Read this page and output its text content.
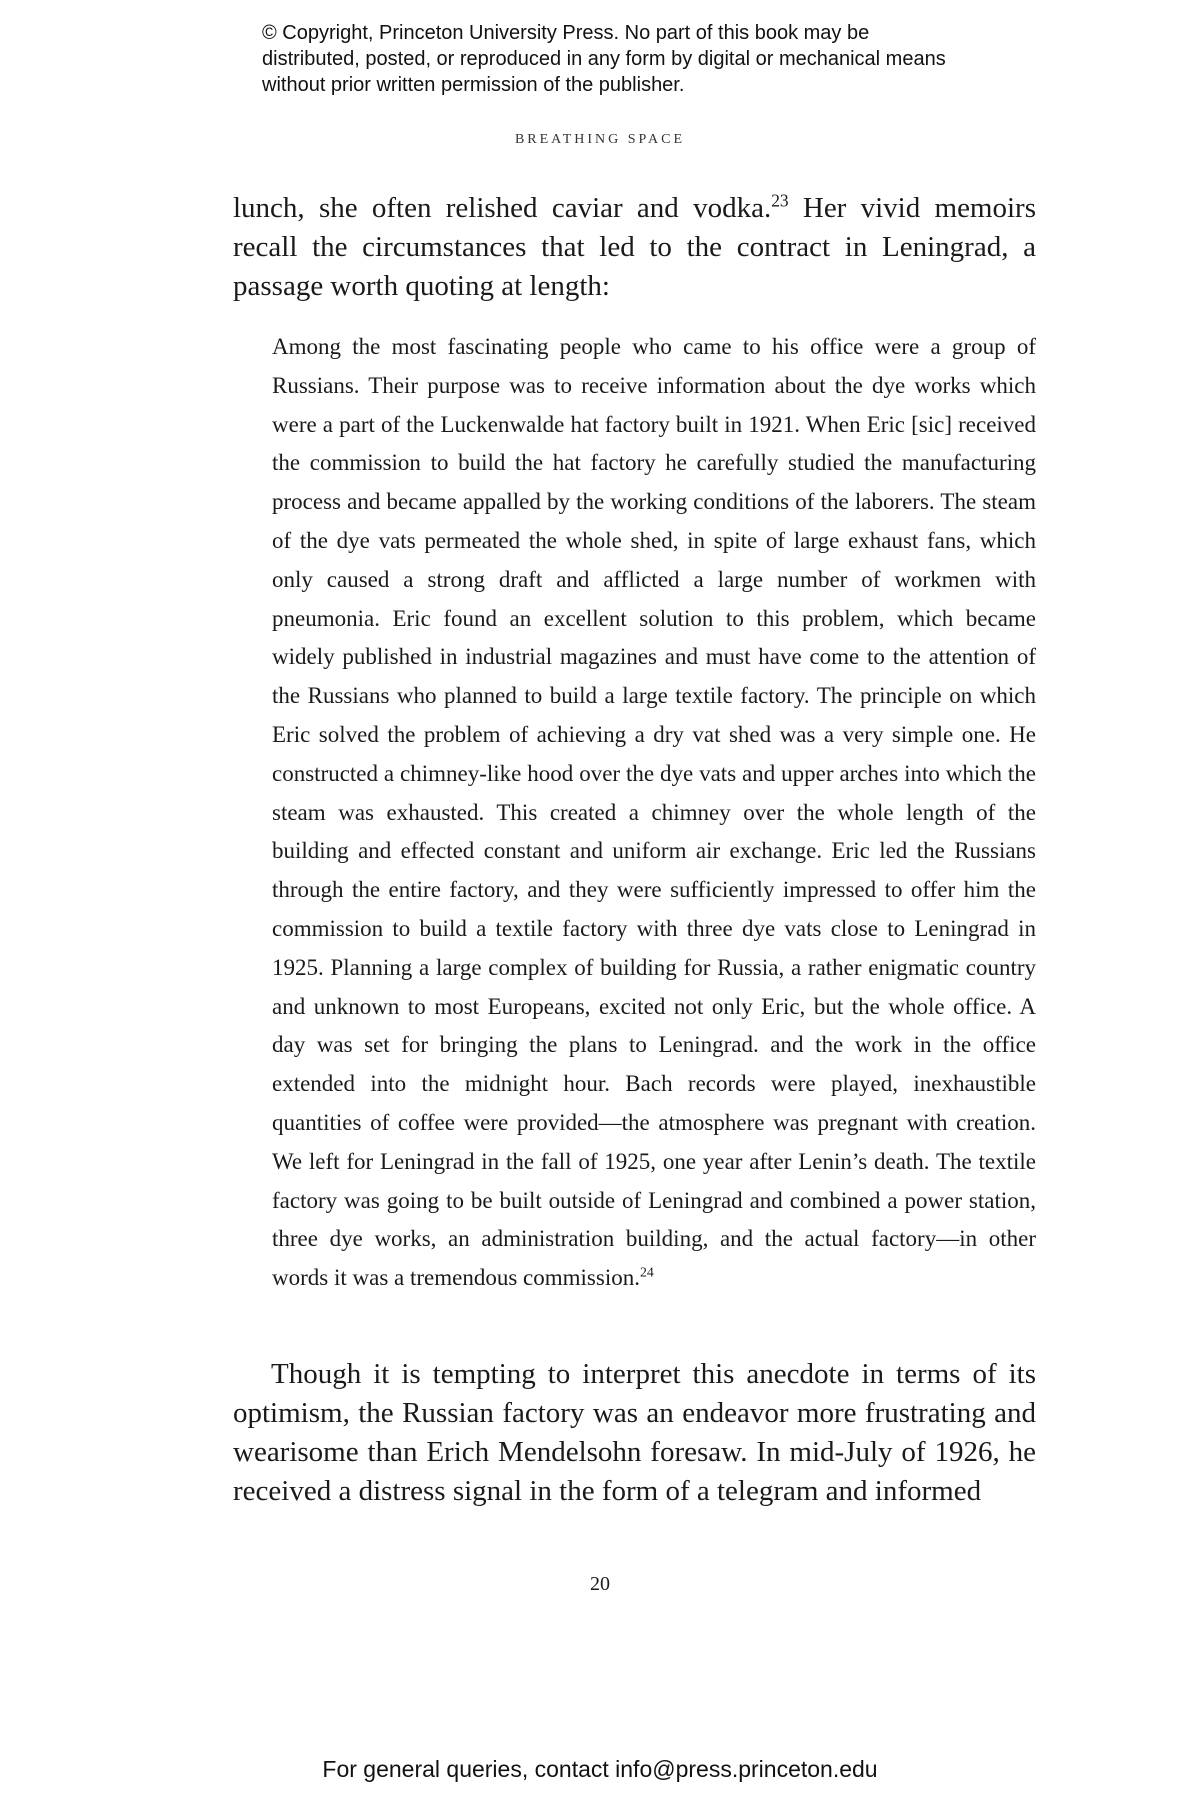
© Copyright, Princeton University Press. No part of this book may be distributed, posted, or reproduced in any form by digital or mechanical means without prior written permission of the publisher.

BREATHING SPACE

lunch, she often relished caviar and vodka.$^{23}$ Her vivid memoirs recall the circumstances that led to the contract in Leningrad, a passage worth quoting at length:

Among the most fascinating people who came to his office were a group of Russians. Their purpose was to receive information about the dye works which were a part of the Luckenwalde hat factory built in 1921. When Eric [sic] received the commission to build the hat factory he carefully studied the manufacturing process and became appalled by the working conditions of the laborers. The steam of the dye vats permeated the whole shed, in spite of large exhaust fans, which only caused a strong draft and afflicted a large number of workmen with pneumonia. Eric found an excellent solution to this problem, which became widely published in industrial magazines and must have come to the attention of the Russians who planned to build a large textile factory. The principle on which Eric solved the problem of achieving a dry vat shed was a very simple one. He constructed a chimney-like hood over the dye vats and upper arches into which the steam was exhausted. This created a chimney over the whole length of the building and effected constant and uniform air exchange. Eric led the Russians through the entire factory, and they were sufficiently impressed to offer him the commission to build a textile factory with three dye vats close to Leningrad in 1925. Planning a large complex of building for Russia, a rather enigmatic country and unknown to most Europeans, excited not only Eric, but the whole office. A day was set for bringing the plans to Leningrad. and the work in the office extended into the midnight hour. Bach records were played, inexhaustible quantities of coffee were provided—the atmosphere was pregnant with creation. We left for Leningrad in the fall of 1925, one year after Lenin’s death. The textile factory was going to be built outside of Leningrad and combined a power station, three dye works, an administration building, and the actual factory—in other words it was a tremendous commission.$^{24}$

Though it is tempting to interpret this anecdote in terms of its optimism, the Russian factory was an endeavor more frustrating and wearisome than Erich Mendelsohn foresaw. In mid-July of 1926, he received a distress signal in the form of a telegram and informed

20

For general queries, contact info@press.princeton.edu
